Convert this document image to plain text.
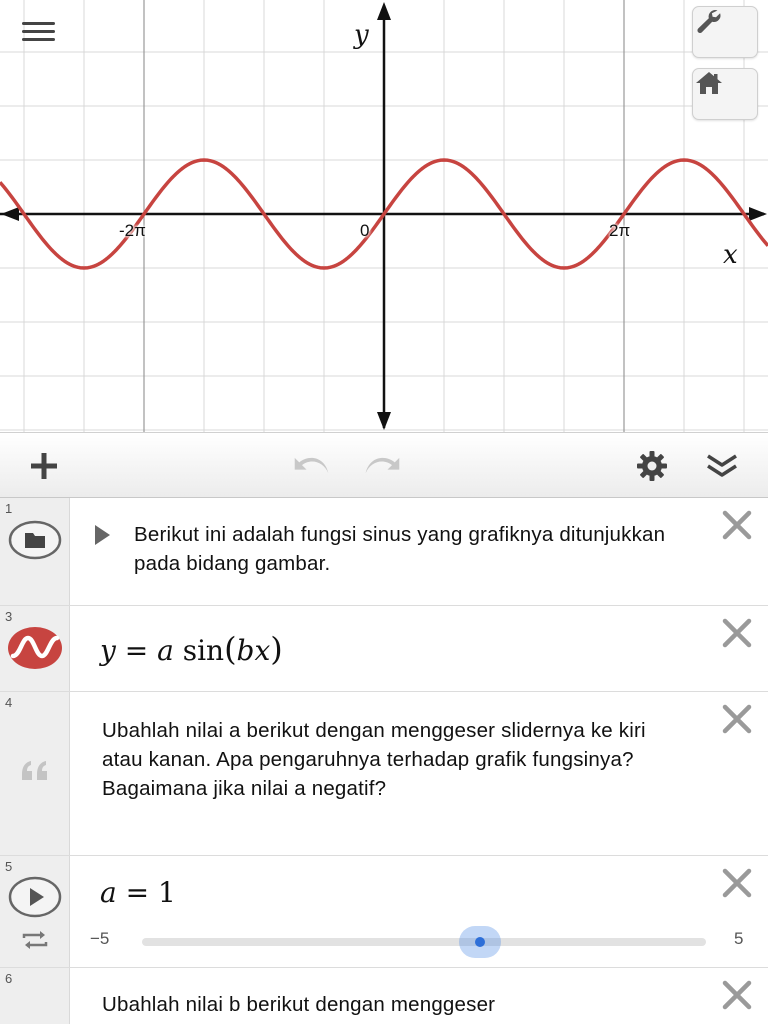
y
x
-2π	0	2π
1
Berikut ini adalah fungsi sinus yang grafiknya ditunjukkan pada bidang gambar.
3
y = a sin(bx)
4
Ubahlah nilai a berikut dengan menggeser slidernya ke kiri atau kanan. Apa pengaruhnya terhadap grafik fungsinya? Bagaimana jika nilai a negatif?
5
a = 1
−5	5
6
Ubahlah nilai b berikut dengan menggeser
